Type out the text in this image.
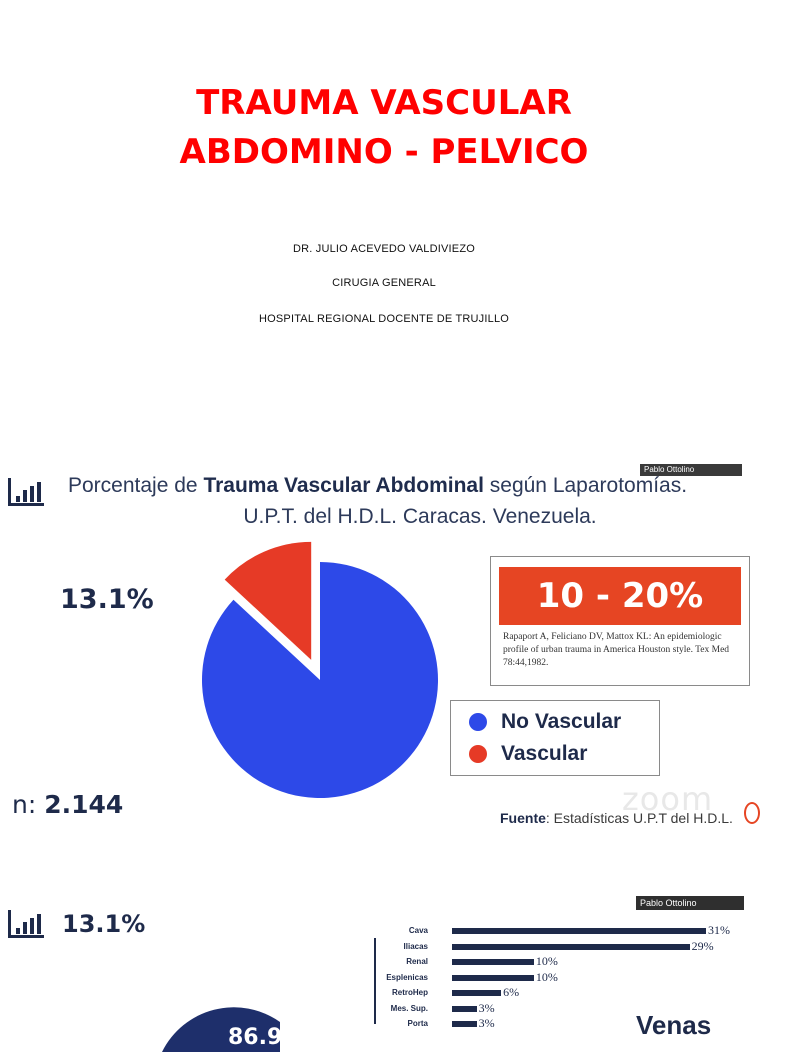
TRAUMA VASCULAR
ABDOMINO - PELVICO
DR. JULIO ACEVEDO VALDIVIEZO
CIRUGIA GENERAL
HOSPITAL REGIONAL DOCENTE DE TRUJILLO
Pablo Ottolino
Porcentaje de Trauma Vascular Abdominal según Laparotomías.
U.P.T. del H.D.L. Caracas. Venezuela.
13.1%	10 - 20%
Rapaport A, Feliciano DV, Mattox KL: An epidemiologic profile of urban trauma in America Houston style. Tex Med 78:44,1982.
No Vascular
Vascular
n: 2.144	zoom
Fuente: Estadísticas U.P.T del H.D.L.
13.1%
Pablo Ottolino
Cava	31%
Iliacas	29%
Renal	10%
Esplenicas	10%
RetroHep	6%
Mes. Sup.	3%
Porta	3%
86.9	Venas
